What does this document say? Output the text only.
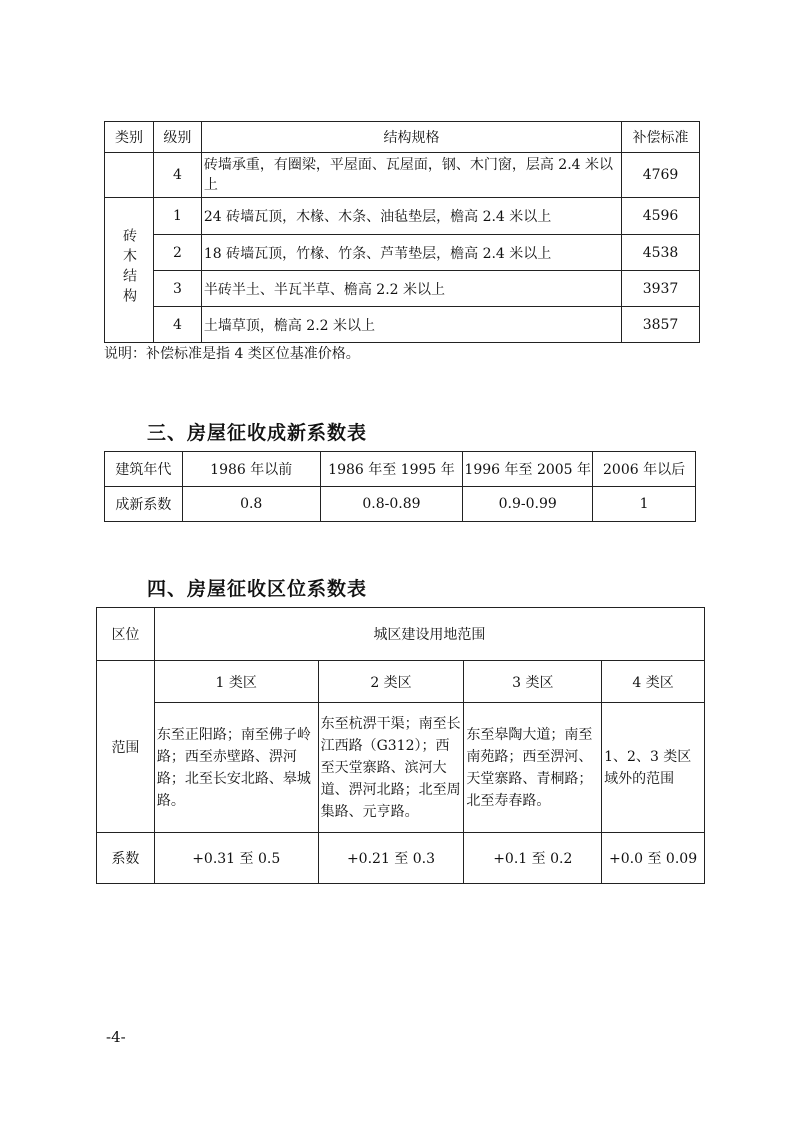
类别	级别	结构规格	补偿标准
	4	砖墙承重，有圈梁，平屋面、瓦屋面，钢、木门窗，层高 2.4 米以上	4769
砖木结构	1	24 砖墙瓦顶，木椽、木条、油毡垫层，檐高 2.4 米以上	4596
	2	18 砖墙瓦顶，竹椽、竹条、芦苇垫层，檐高 2.4 米以上	4538
	3	半砖半土、半瓦半草、檐高 2.2 米以上	3937
	4	土墙草顶，檐高 2.2 米以上	3857
说明：补偿标准是指 4 类区位基准价格。
三、房屋征收成新系数表
建筑年代	1986 年以前	1986 年至 1995 年	1996 年至 2005 年	2006 年以后
成新系数	0.8	0.8-0.89	0.9-0.99	1
四、房屋征收区位系数表
区位	城区建设用地范围			
范围	1 类区	2 类区	3 类区	4 类区
	东至正阳路；南至佛子岭路；西至赤壁路、淠河路；北至长安北路、皋城路。	东至杭淠干渠；南至长江西路（G312）；西至天堂寨路、滨河大道、淠河北路；北至周集路、元亨路。	东至皋陶大道；南至南苑路；西至淠河、天堂寨路、青桐路；北至寿春路。	1、2、3 类区域外的范围
系数	+0.31 至 0.5	+0.21 至 0.3	+0.1 至 0.2	+0.0 至 0.09
-4-
